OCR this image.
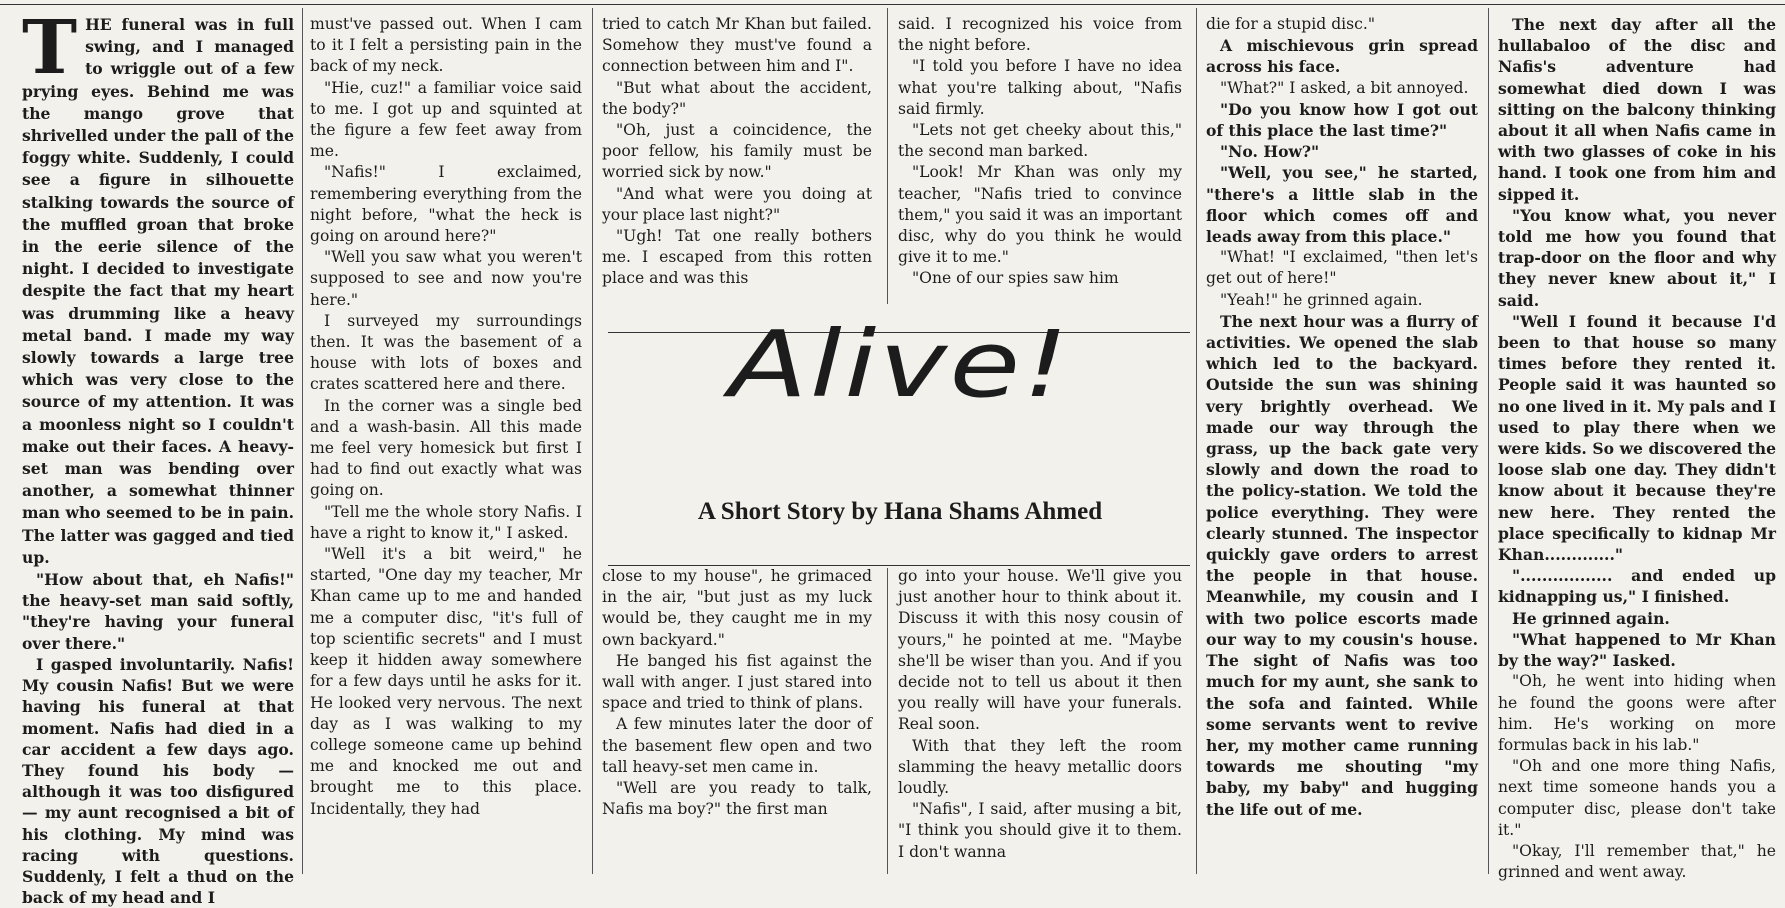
THE funeral was in full swing, and I managed to wriggle out of a few prying eyes. Behind me was the mango grove that shrivelled under the pall of the foggy white. Suddenly, I could see a figure in silhouette stalking towards the source of the muffled groan that broke in the eerie silence of the night. I decided to investigate despite the fact that my heart was drumming like a heavy metal band. I made my way slowly towards a large tree which was very close to the source of my attention. It was a moonless night so I couldn't make out their faces. A heavy-set man was bending over another, a somewhat thinner man who seemed to be in pain. The latter was gagged and tied up.

"How about that, eh Nafis!" the heavy-set man said softly, "they're having your funeral over there."

I gasped involuntarily. Nafis! My cousin Nafis! But we were having his funeral at that moment. Nafis had died in a car accident a few days ago. They found his body — although it was too disfigured — my aunt recognised a bit of his clothing. My mind was racing with questions. Suddenly, I felt a thud on the back of my head and I

must've passed out. When I cam to it I felt a persisting pain in the back of my neck.

"Hie, cuz!" a familiar voice said to me. I got up and squinted at the figure a few feet away from me.

"Nafis!" I exclaimed, remembering everything from the night before, "what the heck is going on around here?"

"Well you saw what you weren't supposed to see and now you're here."

I surveyed my surroundings then. It was the basement of a house with lots of boxes and crates scattered here and there.

In the corner was a single bed and a wash-basin. All this made me feel very homesick but first I had to find out exactly what was going on.

"Tell me the whole story Nafis. I have a right to know it," I asked.

"Well it's a bit weird," he started, "One day my teacher, Mr Khan came up to me and handed me a computer disc, "it's full of top scientific secrets" and I must keep it hidden away somewhere for a few days until he asks for it. He looked very nervous. The next day as I was walking to my college someone came up behind me and knocked me out and brought me to this place. Incidentally, they had

tried to catch Mr Khan but failed. Somehow they must've found a connection between him and I".

"But what about the accident, the body?"

"Oh, just a coincidence, the poor fellow, his family must be worried sick by now."

"And what were you doing at your place last night?"

"Ugh! Tat one really bothers me. I escaped from this rotten place and was this

said. I recognized his voice from the night before.

"I told you before I have no idea what you're talking about, "Nafis said firmly.

"Lets not get cheeky about this," the second man barked.

"Look! Mr Khan was only my teacher, "Nafis tried to convince them," you said it was an important disc, why do you think he would give it to me."

"One of our spies saw him

Alive!
A Short Story by Hana Shams Ahmed

close to my house", he grimaced in the air, "but just as my luck would be, they caught me in my own backyard."

He banged his fist against the wall with anger. I just stared into space and tried to think of plans.

A few minutes later the door of the basement flew open and two tall heavy-set men came in.

"Well are you ready to talk, Nafis ma boy?" the first man

go into your house. We'll give you just another hour to think about it. Discuss it with this nosy cousin of yours," he pointed at me. "Maybe she'll be wiser than you. And if you decide not to tell us about it then you really will have your funerals. Real soon.

With that they left the room slamming the heavy metallic doors loudly.

"Nafis", I said, after musing a bit, "I think you should give it to them. I don't wanna

die for a stupid disc."

A mischievous grin spread across his face.

"What?" I asked, a bit annoyed.

"Do you know how I got out of this place the last time?"

"No. How?"

"Well, you see," he started, "there's a little slab in the floor which comes off and leads away from this place."

"What! "I exclaimed, "then let's get out of here!"

"Yeah!" he grinned again.

The next hour was a flurry of activities. We opened the slab which led to the backyard. Outside the sun was shining very brightly overhead. We made our way through the grass, up the back gate very slowly and down the road to the policy-station. We told the police everything. They were clearly stunned. The inspector quickly gave orders to arrest the people in that house. Meanwhile, my cousin and I with two police escorts made our way to my cousin's house. The sight of Nafis was too much for my aunt, she sank to the sofa and fainted. While some servants went to revive her, my mother came running towards me shouting "my baby, my baby" and hugging the life out of me.

The next day after all the hullabaloo of the disc and Nafis's adventure had somewhat died down I was sitting on the balcony thinking about it all when Nafis came in with two glasses of coke in his hand. I took one from him and sipped it.

"You know what, you never told me how you found that trap-door on the floor and why they never knew about it," I said.

"Well I found it because I'd been to that house so many times before they rented it. People said it was haunted so no one lived in it. My pals and I used to play there when we were kids. So we discovered the loose slab one day. They didn't know about it because they're new here. They rented the place specifically to kidnap Mr Khan............."

"................. and ended up kidnapping us," I finished.

He grinned again.

"What happened to Mr Khan by the way?" Iasked.

"Oh, he went into hiding when he found the goons were after him. He's working on more formulas back in his lab."

"Oh and one more thing Nafis, next time someone hands you a computer disc, please don't take it."

"Okay, I'll remember that," he grinned and went away.
